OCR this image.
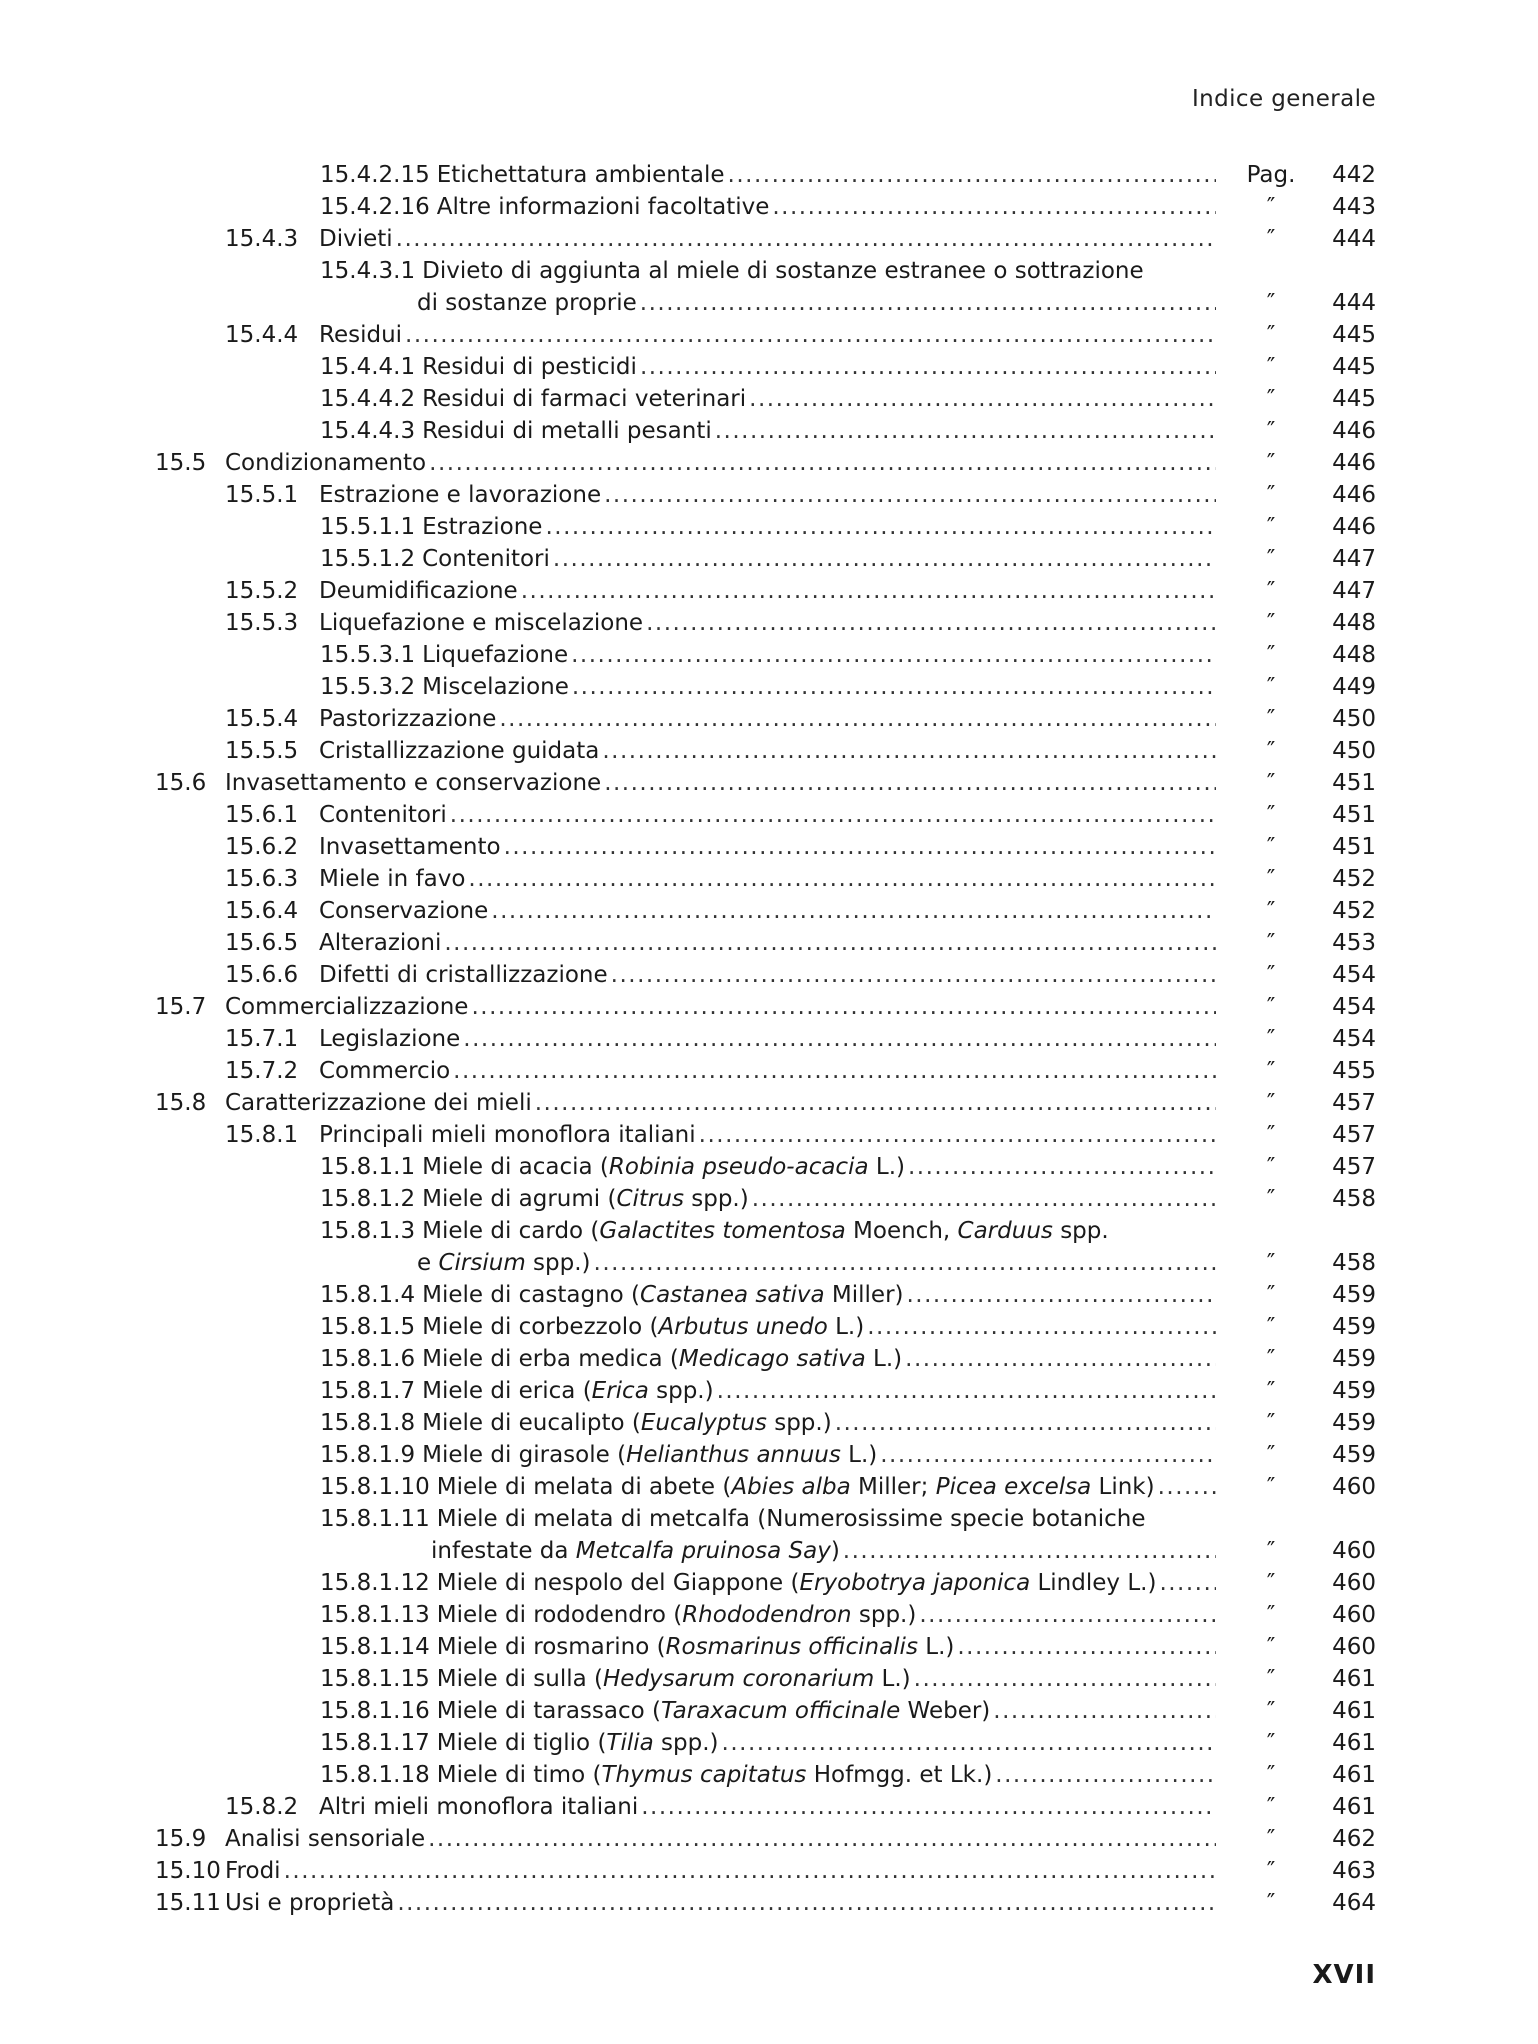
Indice generale
15.4.2.15 Etichettatura ambientale .....	Pag.	442
15.4.2.16 Altre informazioni facoltative .....	″	443
15.4.3 Divieti .....	″	444
15.4.3.1 Divieto di aggiunta al miele di sostanze estranee o sottrazione
di sostanze proprie .....	″	444
15.4.4 Residui .....	″	445
15.4.4.1 Residui di pesticidi .....	″	445
15.4.4.2 Residui di farmaci veterinari .....	″	445
15.4.4.3 Residui di metalli pesanti .....	″	446
15.5 Condizionamento .....	″	446
15.5.1 Estrazione e lavorazione .....	″	446
15.5.1.1 Estrazione .....	″	446
15.5.1.2 Contenitori .....	″	447
15.5.2 Deumidificazione .....	″	447
15.5.3 Liquefazione e miscelazione .....	″	448
15.5.3.1 Liquefazione .....	″	448
15.5.3.2 Miscelazione .....	″	449
15.5.4 Pastorizzazione .....	″	450
15.5.5 Cristallizzazione guidata .....	″	450
15.6 Invasettamento e conservazione .....	″	451
15.6.1 Contenitori .....	″	451
15.6.2 Invasettamento .....	″	451
15.6.3 Miele in favo .....	″	452
15.6.4 Conservazione .....	″	452
15.6.5 Alterazioni .....	″	453
15.6.6 Difetti di cristallizzazione .....	″	454
15.7 Commercializzazione .....	″	454
15.7.1 Legislazione .....	″	454
15.7.2 Commercio .....	″	455
15.8 Caratterizzazione dei mieli .....	″	457
15.8.1 Principali mieli monoflora italiani .....	″	457
15.8.1.1 Miele di acacia (Robinia pseudo-acacia L.) .....	″	457
15.8.1.2 Miele di agrumi (Citrus spp.) .....	″	458
15.8.1.3 Miele di cardo (Galactites tomentosa Moench, Carduus spp.
e Cirsium spp.) .....	″	458
15.8.1.4 Miele di castagno (Castanea sativa Miller) .....	″	459
15.8.1.5 Miele di corbezzolo (Arbutus unedo L.) .....	″	459
15.8.1.6 Miele di erba medica (Medicago sativa L.) .....	″	459
15.8.1.7 Miele di erica (Erica spp.) .....	″	459
15.8.1.8 Miele di eucalipto (Eucalyptus spp.) .....	″	459
15.8.1.9 Miele di girasole (Helianthus annuus L.) .....	″	459
15.8.1.10 Miele di melata di abete (Abies alba Miller; Picea excelsa Link) .....	″	460
15.8.1.11 Miele di melata di metcalfa (Numerosissime specie botaniche
infestate da Metcalfa pruinosa Say) .....	″	460
15.8.1.12 Miele di nespolo del Giappone (Eryobotrya japonica Lindley L.) .....	″	460
15.8.1.13 Miele di rododendro (Rhododendron spp.) .....	″	460
15.8.1.14 Miele di rosmarino (Rosmarinus officinalis L.) .....	″	460
15.8.1.15 Miele di sulla (Hedysarum coronarium L.) .....	″	461
15.8.1.16 Miele di tarassaco (Taraxacum officinale Weber) .....	″	461
15.8.1.17 Miele di tiglio (Tilia spp.) .....	″	461
15.8.1.18 Miele di timo (Thymus capitatus Hofmgg. et Lk.) .....	″	461
15.8.2 Altri mieli monoflora italiani .....	″	461
15.9 Analisi sensoriale .....	″	462
15.10 Frodi .....	″	463
15.11 Usi e proprietà .....	″	464
XVII
